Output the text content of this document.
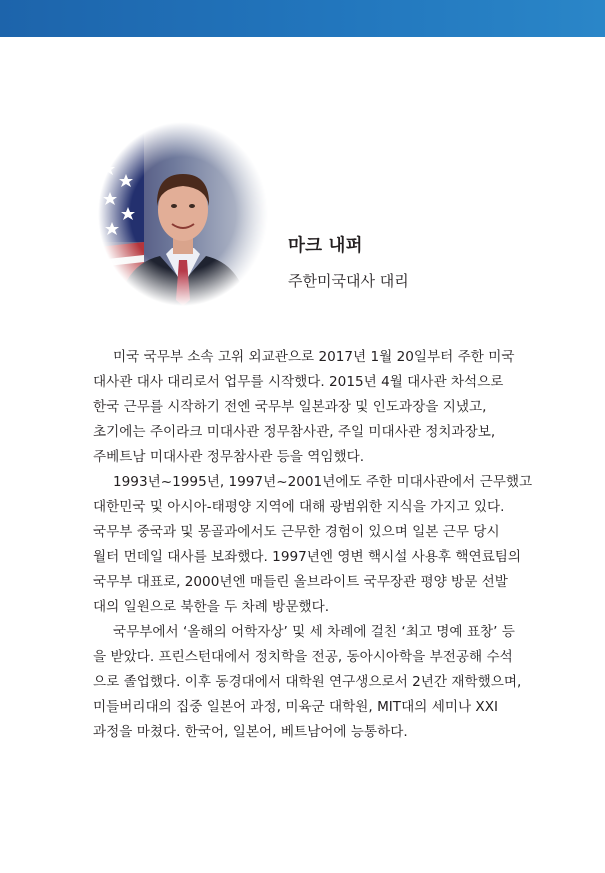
마크 내퍼
주한미국대사 대리
미국 국무부 소속 고위 외교관으로 2017년 1월 20일부터 주한 미국
대사관 대사 대리로서 업무를 시작했다. 2015년 4월 대사관 차석으로
한국 근무를 시작하기 전엔 국무부 일본과장 및 인도과장을 지냈고,
초기에는 주이라크 미대사관 정무참사관, 주일 미대사관 정치과장보,
주베트남 미대사관 정무참사관 등을 역임했다.
1993년~1995년, 1997년~2001년에도 주한 미대사관에서 근무했고
대한민국 및 아시아-태평양 지역에 대해 광범위한 지식을 가지고 있다.
국무부 중국과 및 몽골과에서도 근무한 경험이 있으며 일본 근무 당시
월터 먼데일 대사를 보좌했다. 1997년엔 영변 핵시설 사용후 핵연료팀의
국무부 대표로, 2000년엔 매들린 올브라이트 국무장관 평양 방문 선발
대의 일원으로 북한을 두 차례 방문했다.
국무부에서 ‘올해의 어학자상’ 및 세 차례에 걸친 ‘최고 명예 표창’ 등
을 받았다. 프린스턴대에서 정치학을 전공, 동아시아학을 부전공해 수석
으로 졸업했다. 이후 동경대에서 대학원 연구생으로서 2년간 재학했으며,
미들버리대의 집중 일본어 과정, 미육군 대학원, MIT대의 세미나 XXI
과정을 마쳤다. 한국어, 일본어, 베트남어에 능통하다.
